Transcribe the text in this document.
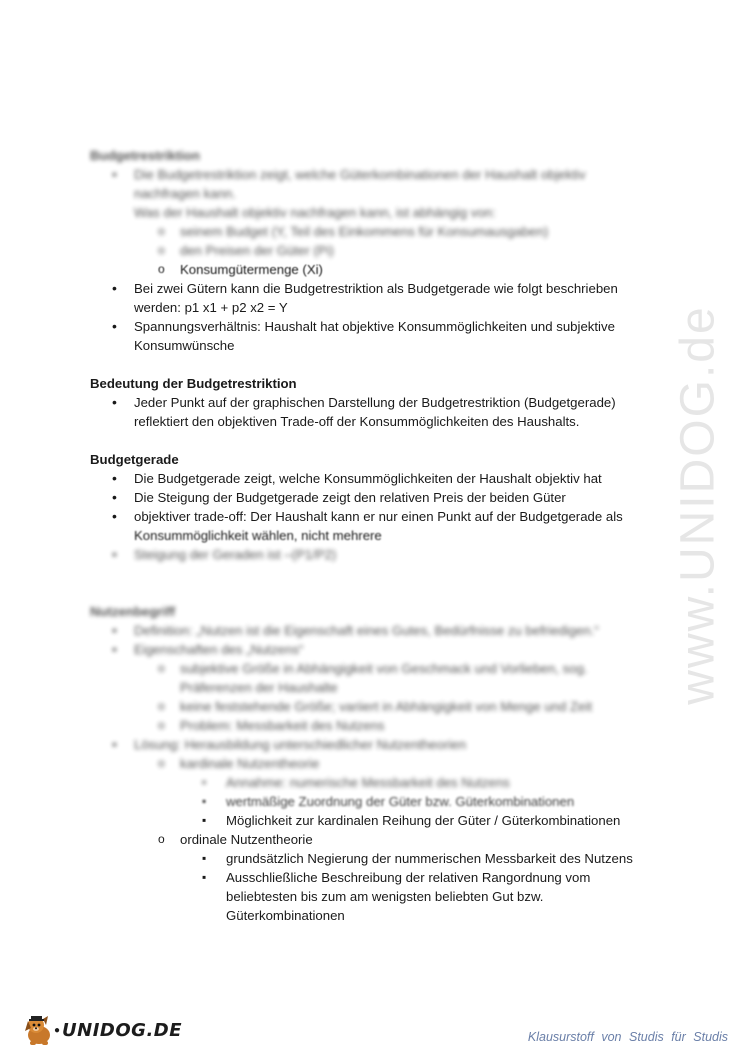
www.UNIDOG.de

Budgetrestriktion

• Die Budgetrestriktion zeigt, welche Güterkombinationen der Haushalt objektiv
nachfragen kann.
Was der Haushalt objektiv nachfragen kann, ist abhängig von:
o seinem Budget (Y, Teil des Einkommens für Konsumausgaben)
o den Preisen der Güter (Pi)
o Konsumgütermenge (Xi)
• Bei zwei Gütern kann die Budgetrestriktion als Budgetgerade wie folgt beschrieben
werden: p1 x1 + p2 x2 = Y
• Spannungsverhältnis: Haushalt hat objektive Konsummöglichkeiten und subjektive
Konsumwünsche

Bedeutung der Budgetrestriktion

• Jeder Punkt auf der graphischen Darstellung der Budgetrestriktion (Budgetgerade)
reflektiert den objektiven Trade-off der Konsummöglichkeiten des Haushalts.

Budgetgerade

• Die Budgetgerade zeigt, welche Konsummöglichkeiten der Haushalt objektiv hat
• Die Steigung der Budgetgerade zeigt den relativen Preis der beiden Güter
• objektiver trade-off: Der Haushalt kann er nur einen Punkt auf der Budgetgerade als
Konsummöglichkeit wählen, nicht mehrere
• Steigung der Geraden ist –(P1/P2)

Nutzenbegriff

• Definition: „Nutzen ist die Eigenschaft eines Gutes, Bedürfnisse zu befriedigen.“
• Eigenschaften des „Nutzens“
o subjektive Größe in Abhängigkeit von Geschmack und Vorlieben, sog.
Präferenzen der Haushalte
o keine feststehende Größe; variiert in Abhängigkeit von Menge und Zeit
o Problem: Messbarkeit des Nutzens
• Lösung: Herausbildung unterschiedlicher Nutzentheorien
o kardinale Nutzentheorie
▪ Annahme: numerische Messbarkeit des Nutzens
▪ wertmäßige Zuordnung der Güter bzw. Güterkombinationen
▪ Möglichkeit zur kardinalen Reihung der Güter / Güterkombinationen
o ordinale Nutzentheorie
▪ grundsätzlich Negierung der nummerischen Messbarkeit des Nutzens
▪ Ausschließliche Beschreibung der relativen Rangordnung vom
beliebtesten bis zum am wenigsten beliebten Gut bzw.
Güterkombinationen
● UNIDOG.DE	Klausurstoff von Studis für Studis
